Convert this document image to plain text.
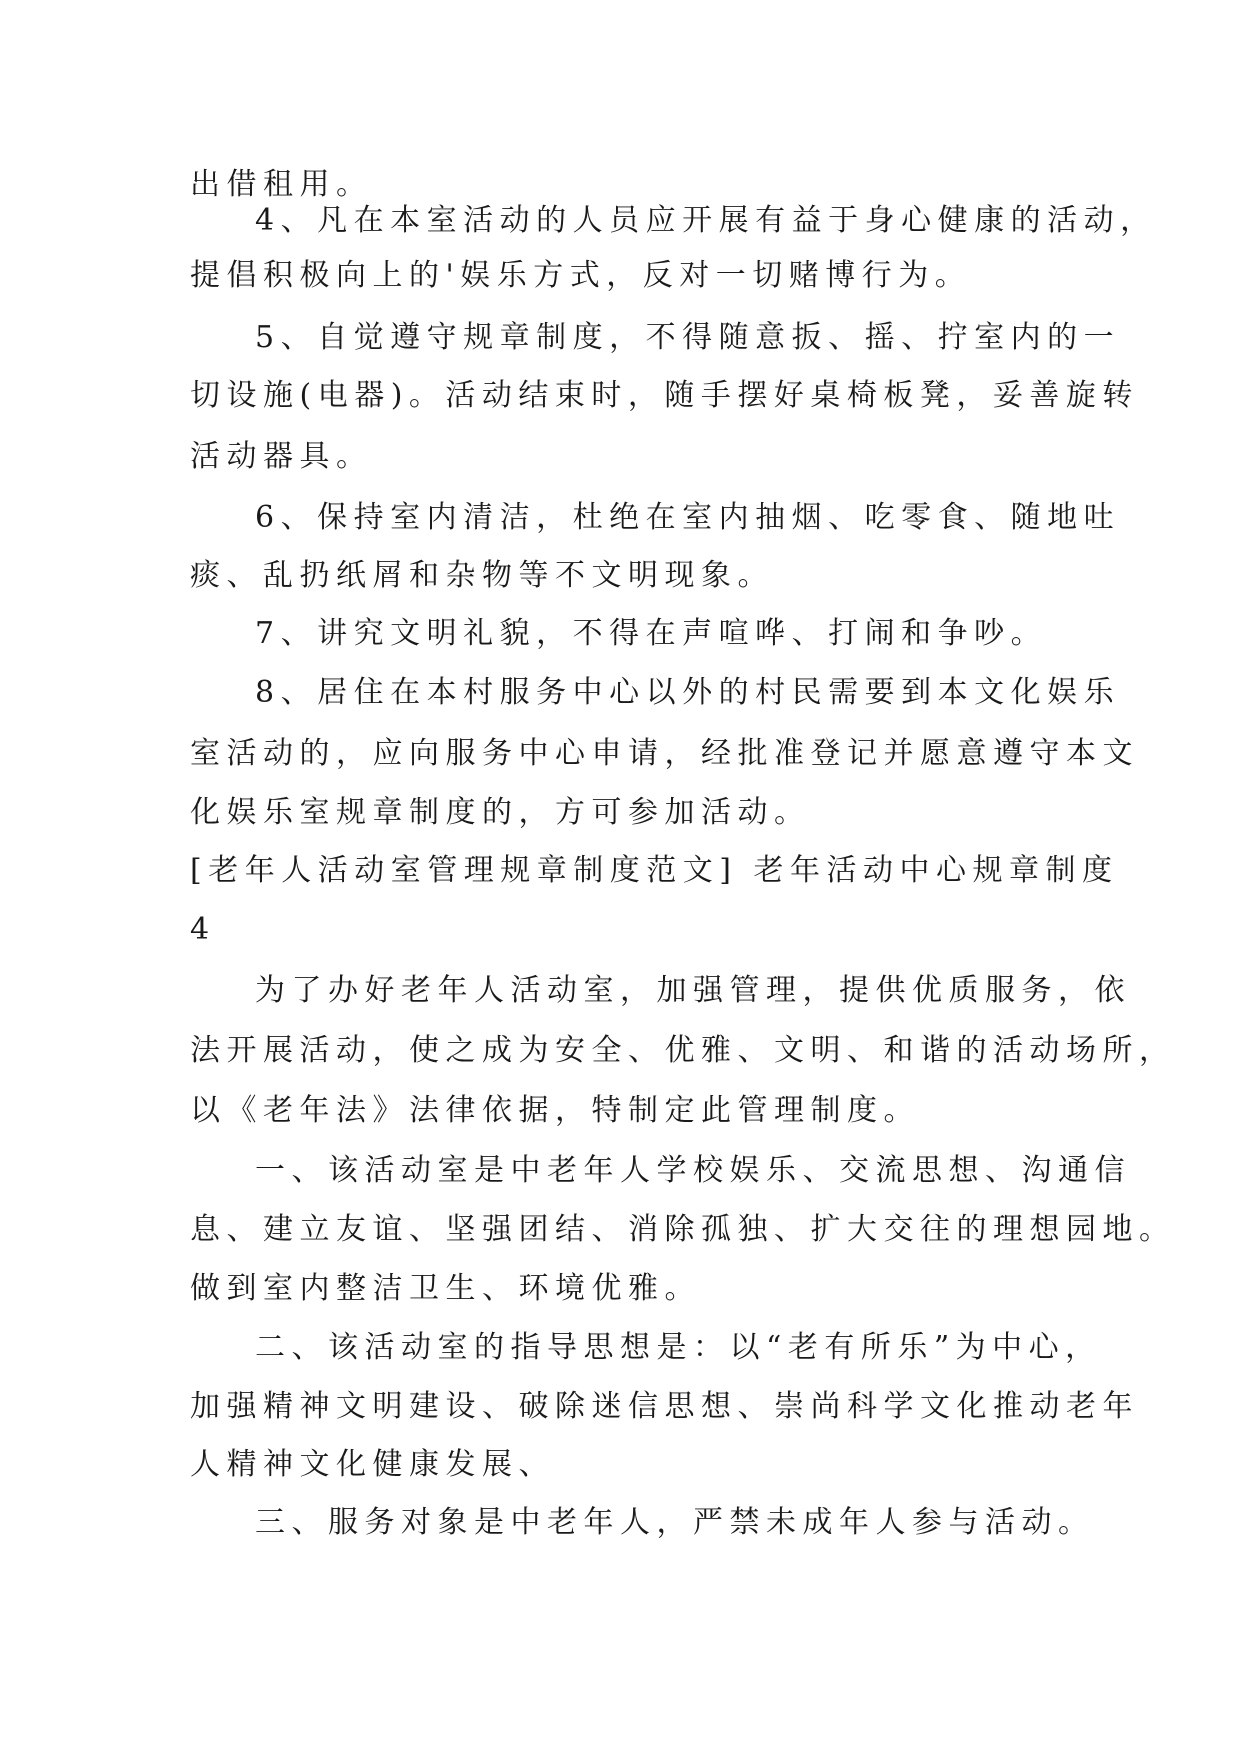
出借租用。

4、凡在本室活动的人员应开展有益于身心健康的活动，

提倡积极向上的'娱乐方式，反对一切赌博行为。

5、自觉遵守规章制度，不得随意扳、摇、拧室内的一

切设施(电器)。活动结束时，随手摆好桌椅板凳，妥善旋转

活动器具。

6、保持室内清洁，杜绝在室内抽烟、吃零食、随地吐

痰、乱扔纸屑和杂物等不文明现象。

7、讲究文明礼貌，不得在声喧哗、打闹和争吵。

8、居住在本村服务中心以外的村民需要到本文化娱乐

室活动的，应向服务中心申请，经批准登记并愿意遵守本文

化娱乐室规章制度的，方可参加活动。

[老年人活动室管理规章制度范文] 老年活动中心规章制度

4

为了办好老年人活动室，加强管理，提供优质服务，依

法开展活动，使之成为安全、优雅、文明、和谐的活动场所，

以《老年法》法律依据，特制定此管理制度。

一、该活动室是中老年人学校娱乐、交流思想、沟通信

息、建立友谊、坚强团结、消除孤独、扩大交往的理想园地。

做到室内整洁卫生、环境优雅。

二、该活动室的指导思想是：以“老有所乐”为中心，

加强精神文明建设、破除迷信思想、崇尚科学文化推动老年

人精神文化健康发展、

三、服务对象是中老年人，严禁未成年人参与活动。
